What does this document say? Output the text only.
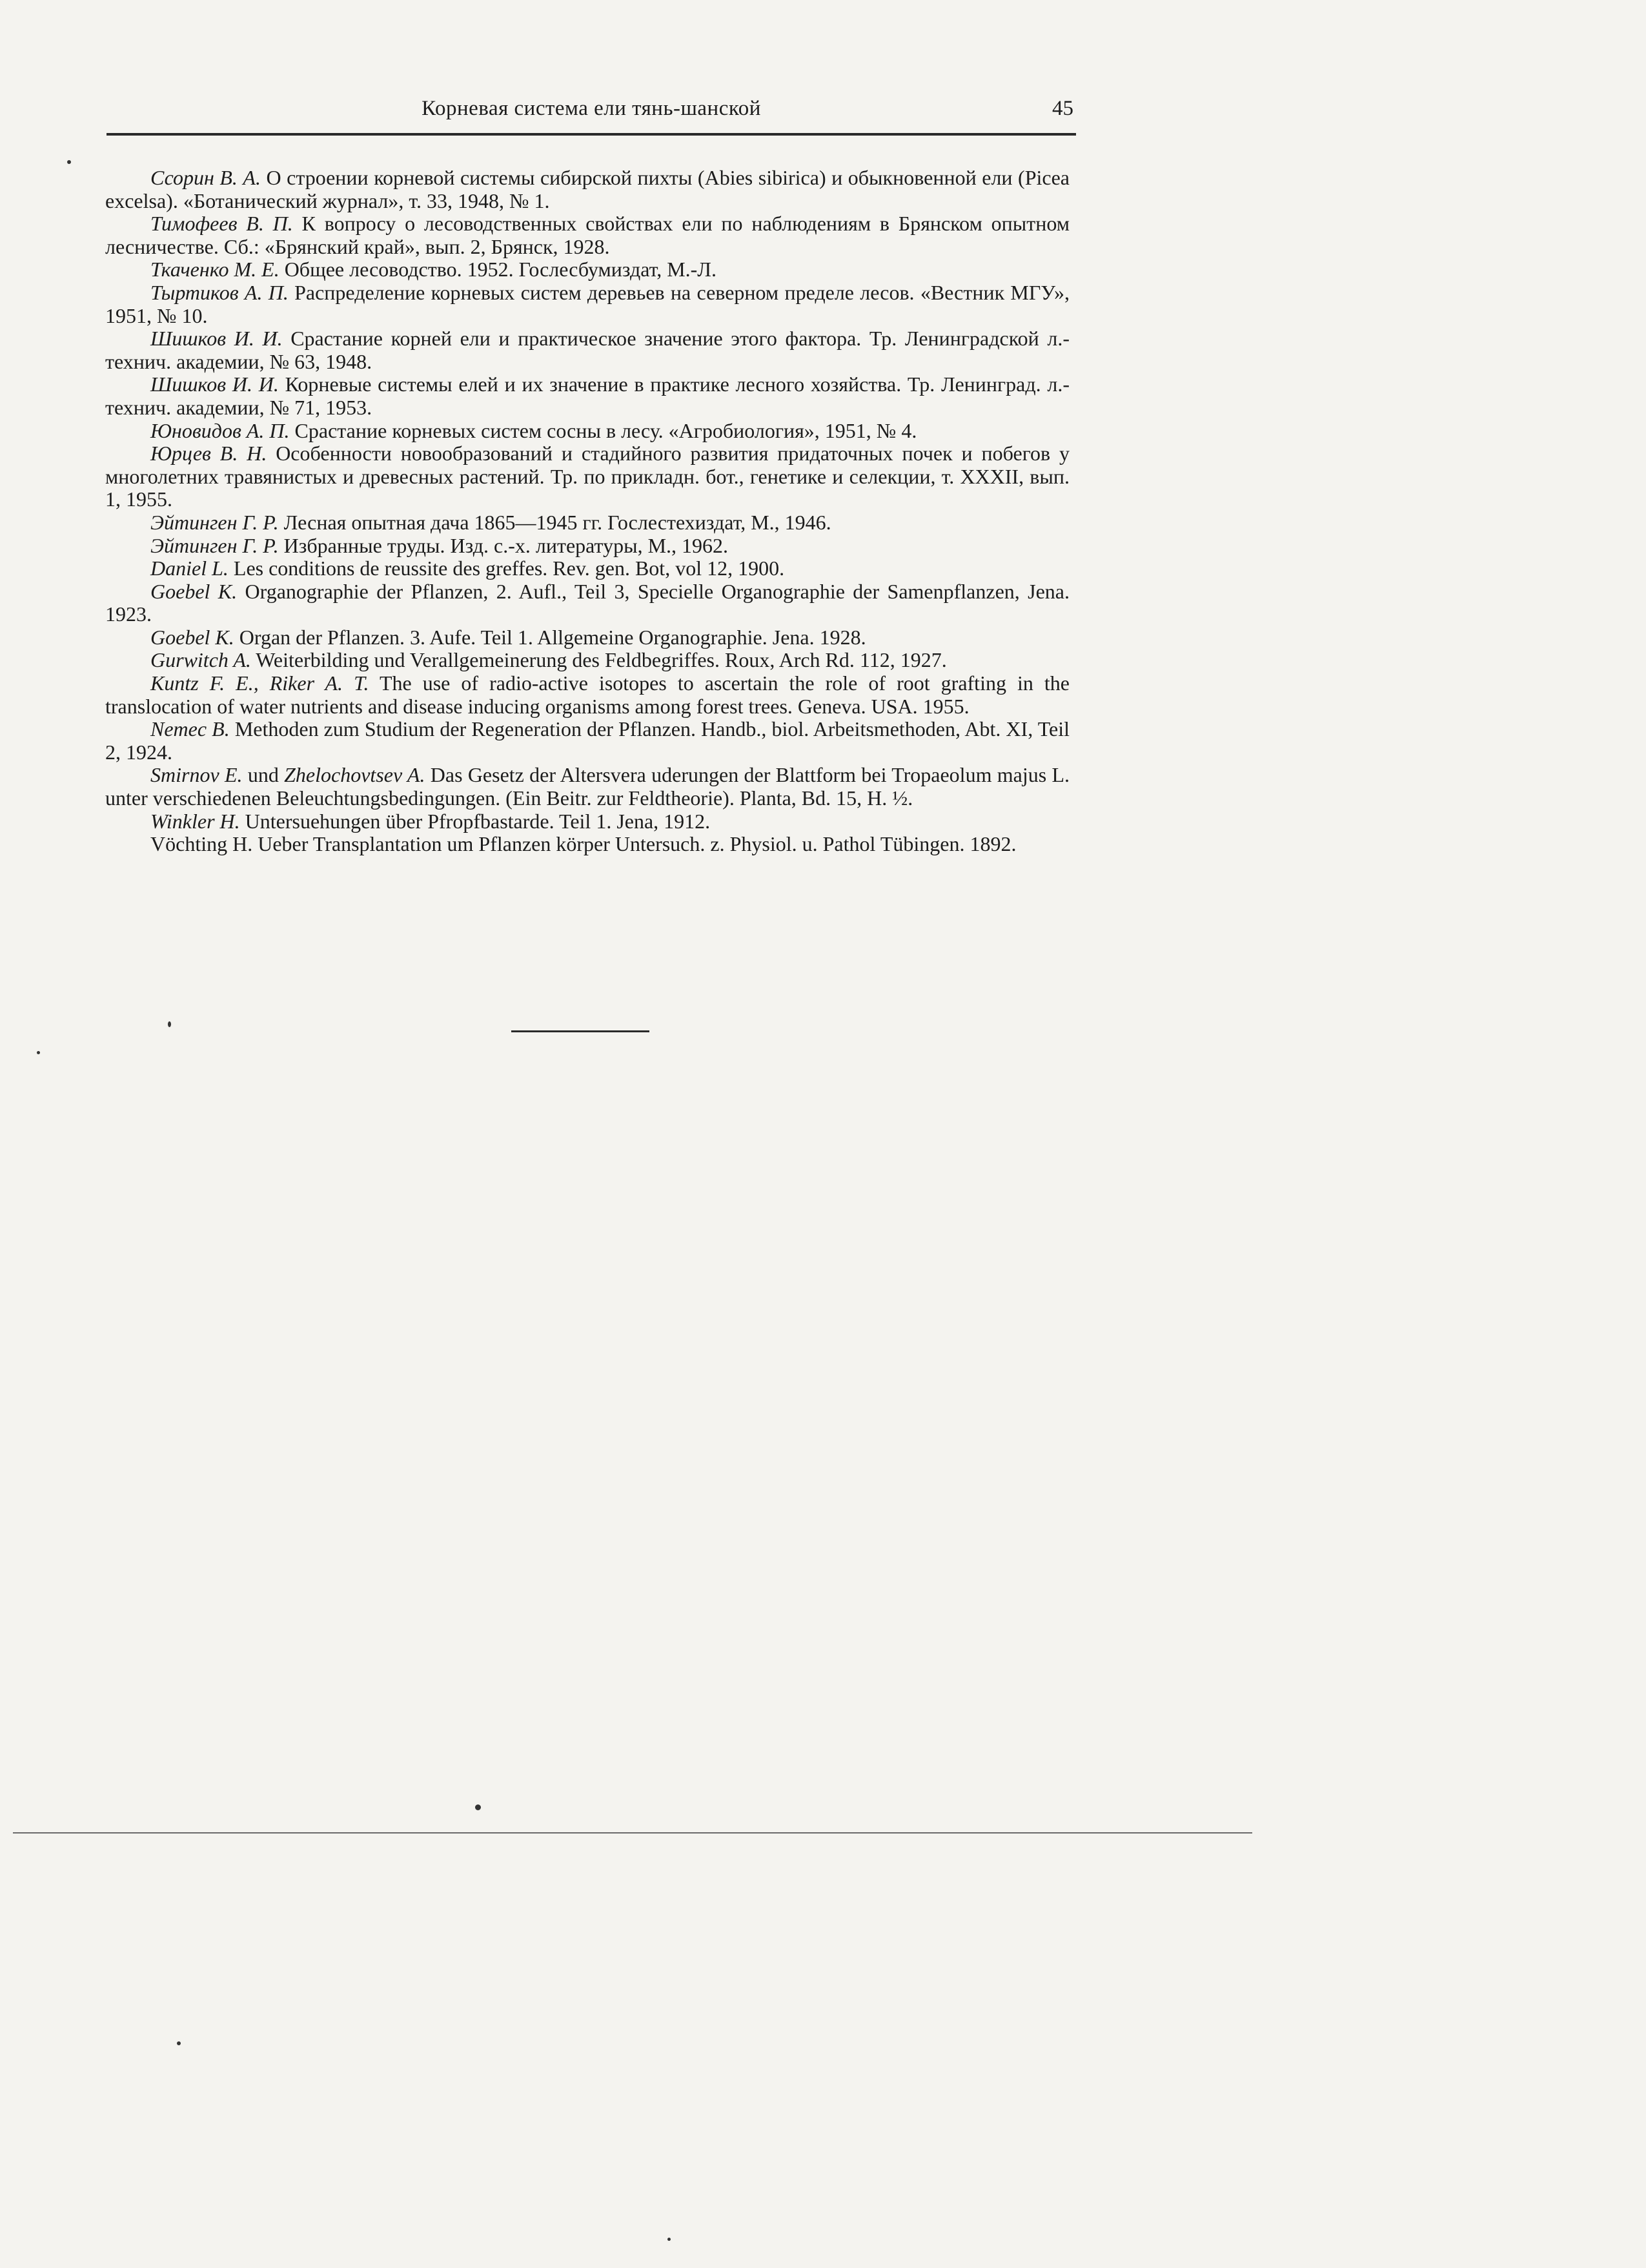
Корневая система ели тянь-шанской	45

Ссорин В. А. О строении корневой системы сибирской пихты (Abies sibirica) и обыкновенной ели (Picea excelsa). «Ботанический журнал», т. 33, 1948, № 1.

Тимофеев В. П. К вопросу о лесоводственных свойствах ели по наблюдениям в Брянском опытном лесничестве. Сб.: «Брянский край», вып. 2, Брянск, 1928.

Ткаченко М. Е. Общее лесоводство. 1952. Гослесбумиздат, М.-Л.

Тыртиков А. П. Распределение корневых систем деревьев на северном пределе лесов. «Вестник МГУ», 1951, № 10.

Шишков И. И. Срастание корней ели и практическое значение этого фактора. Тр. Ленинградской л.-технич. академии, № 63, 1948.

Шишков И. И. Корневые системы елей и их значение в практике лесного хозяйства. Тр. Ленинград. л.-технич. академии, № 71, 1953.

Юновидов А. П. Срастание корневых систем сосны в лесу. «Агробиология», 1951, № 4.

Юрцев В. Н. Особенности новообразований и стадийного развития придаточных почек и побегов у многолетних травянистых и древесных растений. Тр. по прикладн. бот., генетике и селекции, т. XXXII, вып. 1, 1955.

Эйтинген Г. Р. Лесная опытная дача 1865—1945 гг. Гослестехиздат, М., 1946.

Эйтинген Г. Р. Избранные труды. Изд. с.-х. литературы, М., 1962.

Daniel L. Les conditions de reussite des greffes. Rev. gen. Bot, vol 12, 1900.

Goebel K. Organographie der Pflanzen, 2. Aufl., Teil 3, Specielle Organographie der Samenpflanzen, Jena. 1923.

Goebel K. Organ der Pflanzen. 3. Aufe. Teil 1. Allgemeine Organographie. Jena. 1928.

Gurwitch A. Weiterbilding und Verallgemeinerung des Feldbegriffes. Roux, Arch Rd. 112, 1927.

Kuntz F. E., Riker A. T. The use of radio-active isotopes to ascertain the role of root grafting in the translocation of water nutrients and disease inducing organisms among forest trees. Geneva. USA. 1955.

Nemec B. Methoden zum Studium der Regeneration der Pflanzen. Handb., biol. Arbeitsmethoden, Abt. XI, Teil 2, 1924.

Smirnov E. und Zhelochovtsev A. Das Gesetz der Altersvera uderungen der Blattform bei Tropaeolum majus L. unter verschiedenen Beleuchtungsbedingungen. (Ein Beitr. zur Feldtheorie). Planta, Bd. 15, H. ½.

Winkler H. Untersuehungen über Pfropfbastarde. Teil 1. Jena, 1912.

Vöchting H. Ueber Transplantation um Pflanzen körper Untersuch. z. Physiol. u. Pathol Tübingen. 1892.
